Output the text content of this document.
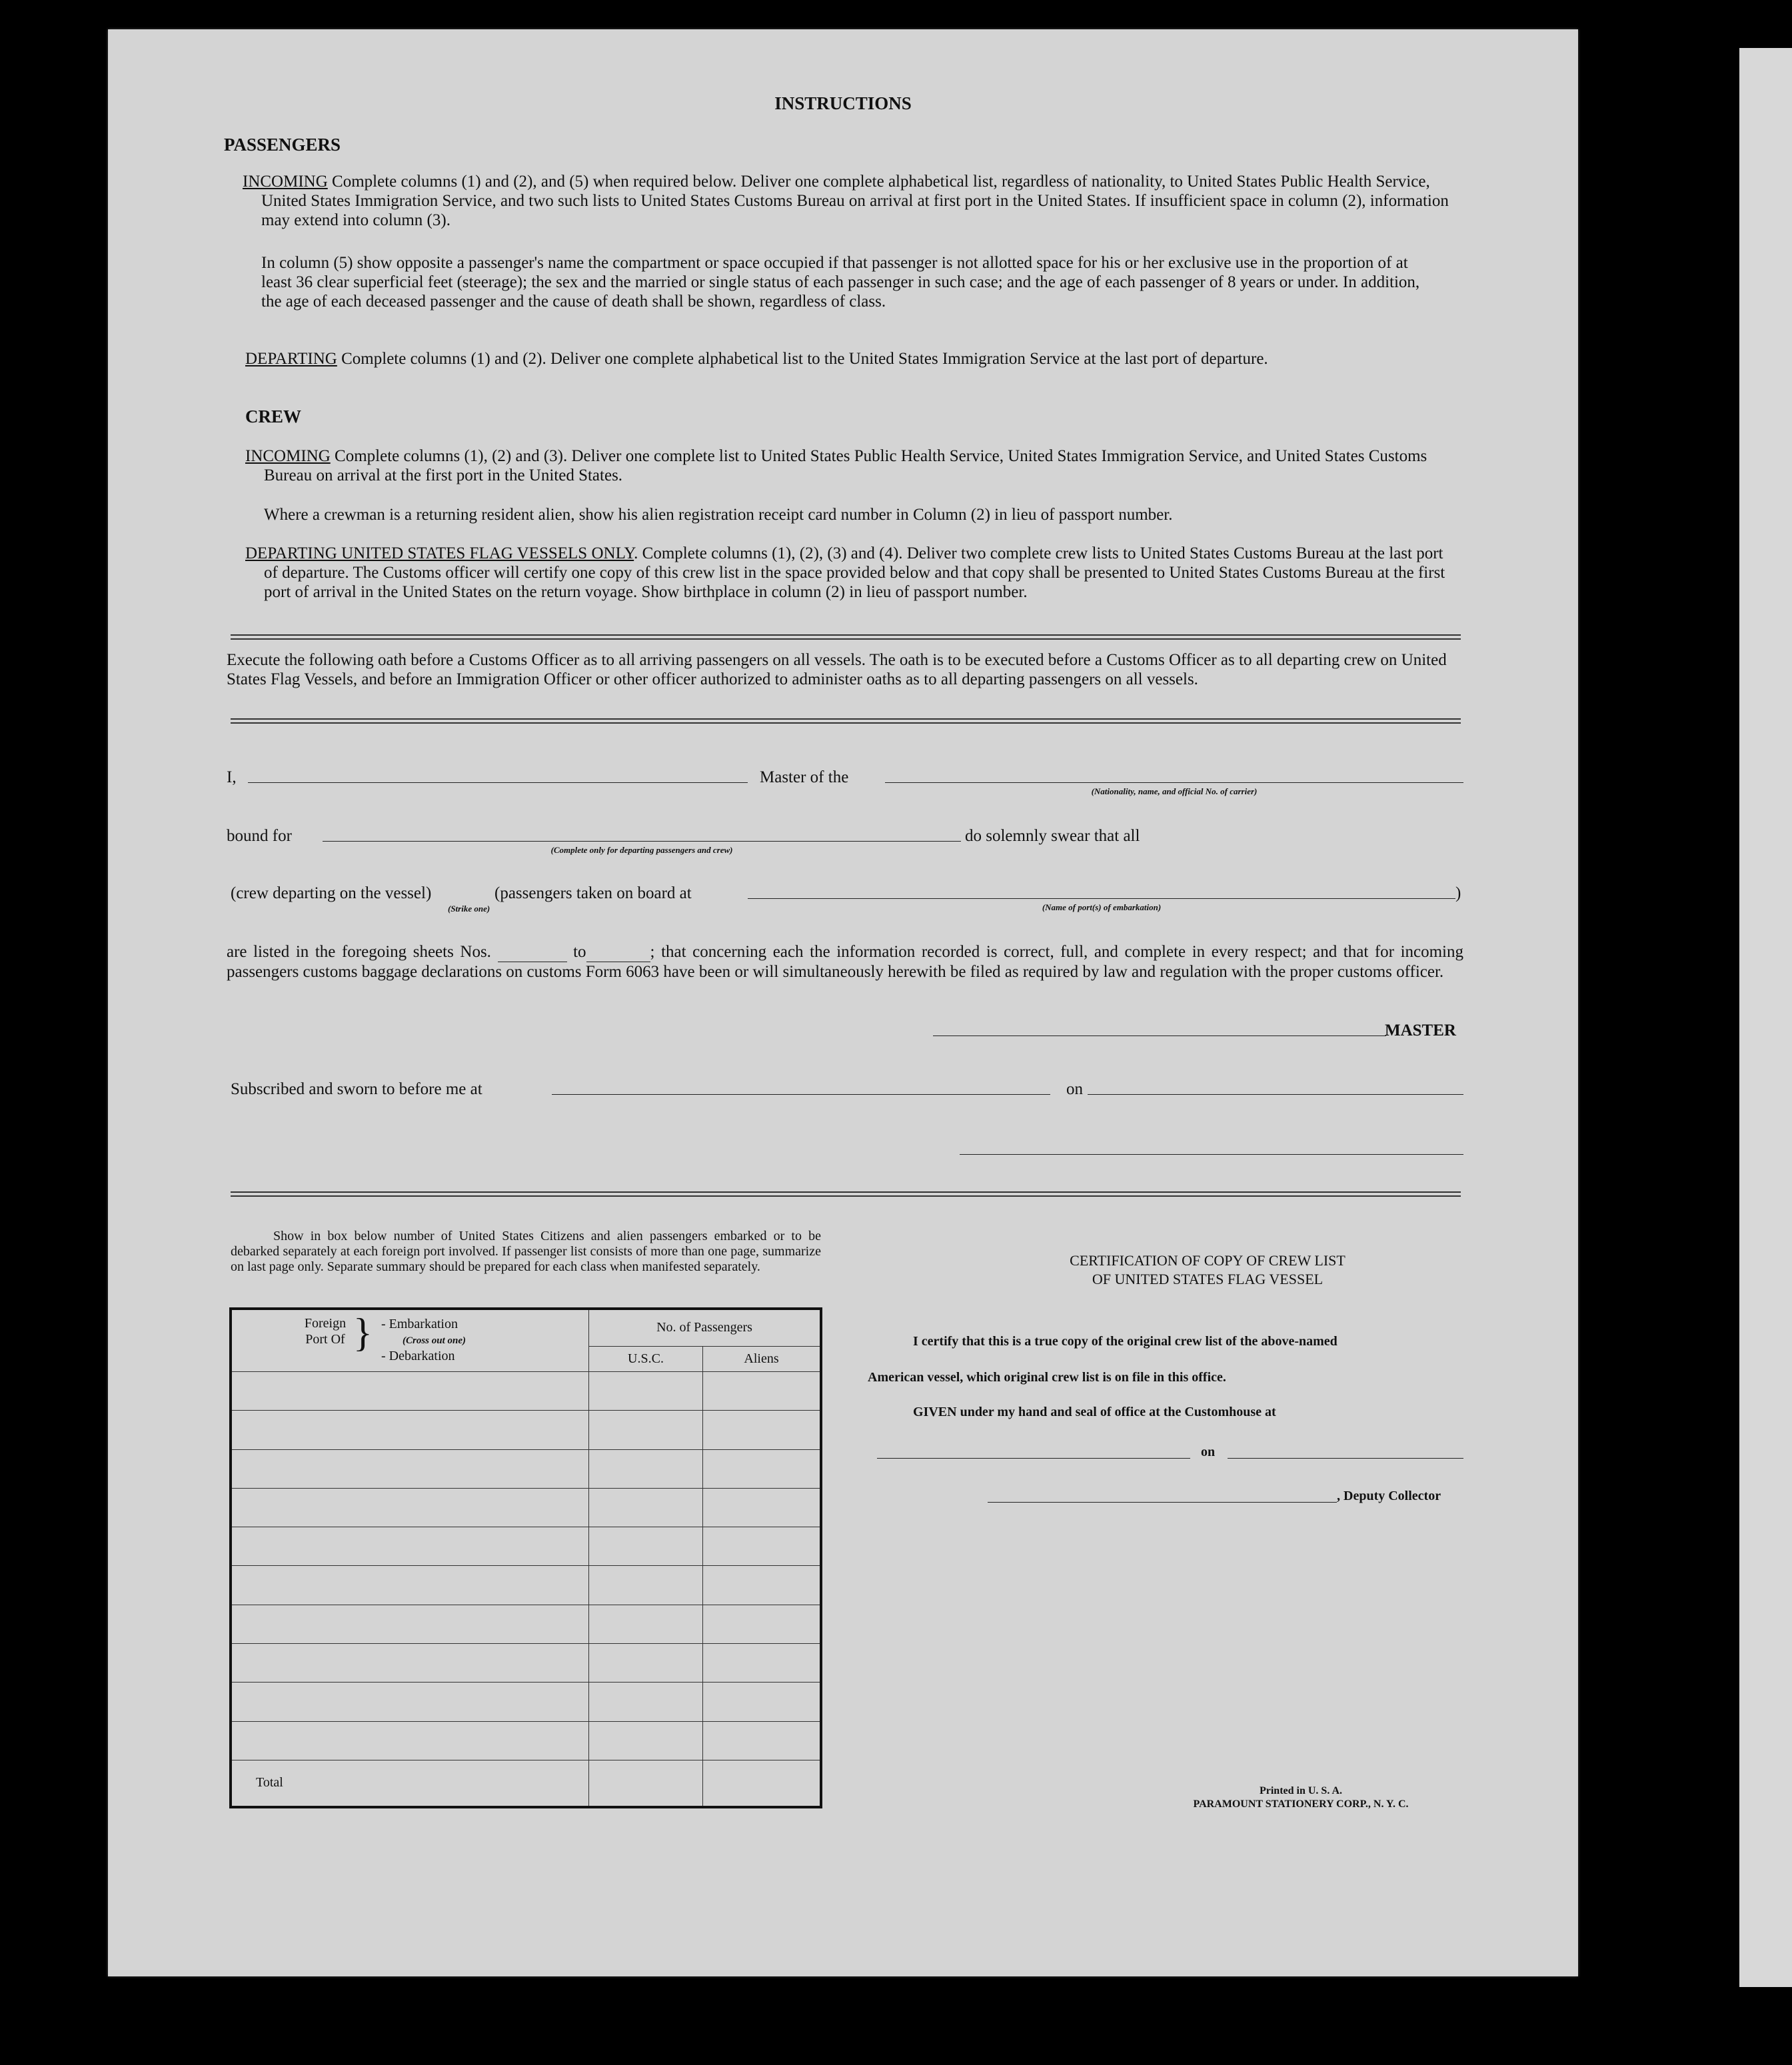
INSTRUCTIONS
PASSENGERS
INCOMING Complete columns (1) and (2), and (5) when required below. Deliver one complete alphabetical list, regardless of nationality, to United States Public Health Service, United States Immigration Service, and two such lists to United States Customs Bureau on arrival at first port in the United States. If insufficient space in column (2), information may extend into column (3).
In column (5) show opposite a passenger's name the compartment or space occupied if that passenger is not allotted space for his or her exclusive use in the proportion of at least 36 clear superficial feet (steerage); the sex and the married or single status of each passenger in such case; and the age of each passenger of 8 years or under. In addition, the age of each deceased passenger and the cause of death shall be shown, regardless of class.
DEPARTING Complete columns (1) and (2). Deliver one complete alphabetical list to the United States Immigration Service at the last port of departure.
CREW
INCOMING Complete columns (1), (2) and (3). Deliver one complete list to United States Public Health Service, United States Immigration Service, and United States Customs Bureau on arrival at the first port in the United States.
Where a crewman is a returning resident alien, show his alien registration receipt card number in Column (2) in lieu of passport number.
DEPARTING UNITED STATES FLAG VESSELS ONLY. Complete columns (1), (2), (3) and (4). Deliver two complete crew lists to United States Customs Bureau at the last port of departure. The Customs officer will certify one copy of this crew list in the space provided below and that copy shall be presented to United States Customs Bureau at the first port of arrival in the United States on the return voyage. Show birthplace in column (2) in lieu of passport number.
Execute the following oath before a Customs Officer as to all arriving passengers on all vessels. The oath is to be executed before a Customs Officer as to all departing crew on United States Flag Vessels, and before an Immigration Officer or other officer authorized to administer oaths as to all departing passengers on all vessels.
I,	Master of the
(Nationality, name, and official No. of carrier)
bound for
(Complete only for departing passengers and crew)
do solemnly swear that all
(crew departing on the vessel)
(Strike one)
(passengers taken on board at
(Name of port(s) of embarkation)
)
are listed in the foregoing sheets Nos.	to	; that concerning each the information recorded is correct, full, and complete in every respect; and that for incoming passengers customs baggage declarations on customs Form 6063 have been or will simultaneously herewith be filed as required by law and regulation with the proper customs officer.
MASTER
Subscribed and sworn to before me at	on
Show in box below number of United States Citizens and alien passengers embarked or to be debarked separately at each foreign port involved. If passenger list consists of more than one page, summarize on last page only. Separate summary should be prepared for each class when manifested separately.
Foreign Port Of } - Embarkation
(Cross out one)
- Debarkation	No. of Passengers	
	U.S.C.	Aliens

Total		
CERTIFICATION OF COPY OF CREW LIST
OF UNITED STATES FLAG VESSEL
I certify that this is a true copy of the original crew list of the above-named
American vessel, which original crew list is on file in this office.
GIVEN under my hand and seal of office at the Customhouse at
on
, Deputy Collector
Printed in U. S. A.
PARAMOUNT STATIONERY CORP., N. Y. C.
